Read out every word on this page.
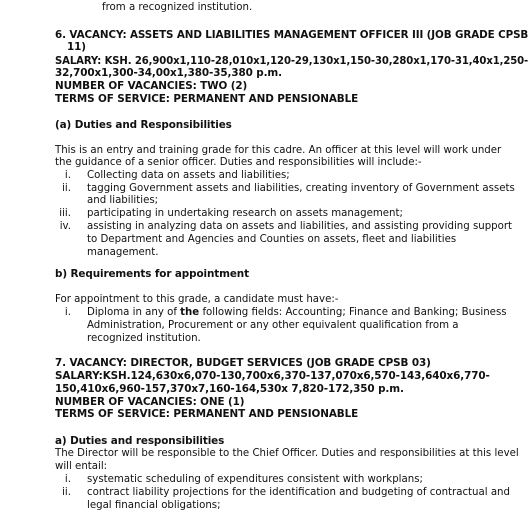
from a recognized institution.
6. VACANCY: ASSETS AND LIABILITIES MANAGEMENT OFFICER III (JOB GRADE CPSB
11)
SALARY: KSH. 26,900x1,110-28,010x1,120-29,130x1,150-30,280x1,170-31,40x1,250-
32,700x1,300-34,00x1,380-35,380 p.m.
NUMBER OF VACANCIES: TWO (2)
TERMS OF SERVICE: PERMANENT AND PENSIONABLE
(a) Duties and Responsibilities
This is an entry and training grade for this cadre. An officer at this level will work under
the guidance of a senior officer. Duties and responsibilities will include:-
i. Collecting data on assets and liabilities;
ii. tagging Government assets and liabilities, creating inventory of Government assets
and liabilities;
iii. participating in undertaking research on assets management;
iv. assisting in analyzing data on assets and liabilities, and assisting providing support
to Department and Agencies and Counties on assets, fleet and liabilities
management.
b) Requirements for appointment
For appointment to this grade, a candidate must have:-
i. Diploma in any of the following fields: Accounting; Finance and Banking; Business
Administration, Procurement or any other equivalent qualification from a
recognized institution.
7. VACANCY: DIRECTOR, BUDGET SERVICES (JOB GRADE CPSB 03)
SALARY:KSH.124,630x6,070-130,700x6,370-137,070x6,570-143,640x6,770-
150,410x6,960-157,370x7,160-164,530x 7,820-172,350 p.m.
NUMBER OF VACANCIES: ONE (1)
TERMS OF SERVICE: PERMANENT AND PENSIONABLE
a) Duties and responsibilities
The Director will be responsible to the Chief Officer. Duties and responsibilities at this level
will entail:
i. systematic scheduling of expenditures consistent with workplans;
ii. contract liability projections for the identification and budgeting of contractual and
legal financial obligations;
